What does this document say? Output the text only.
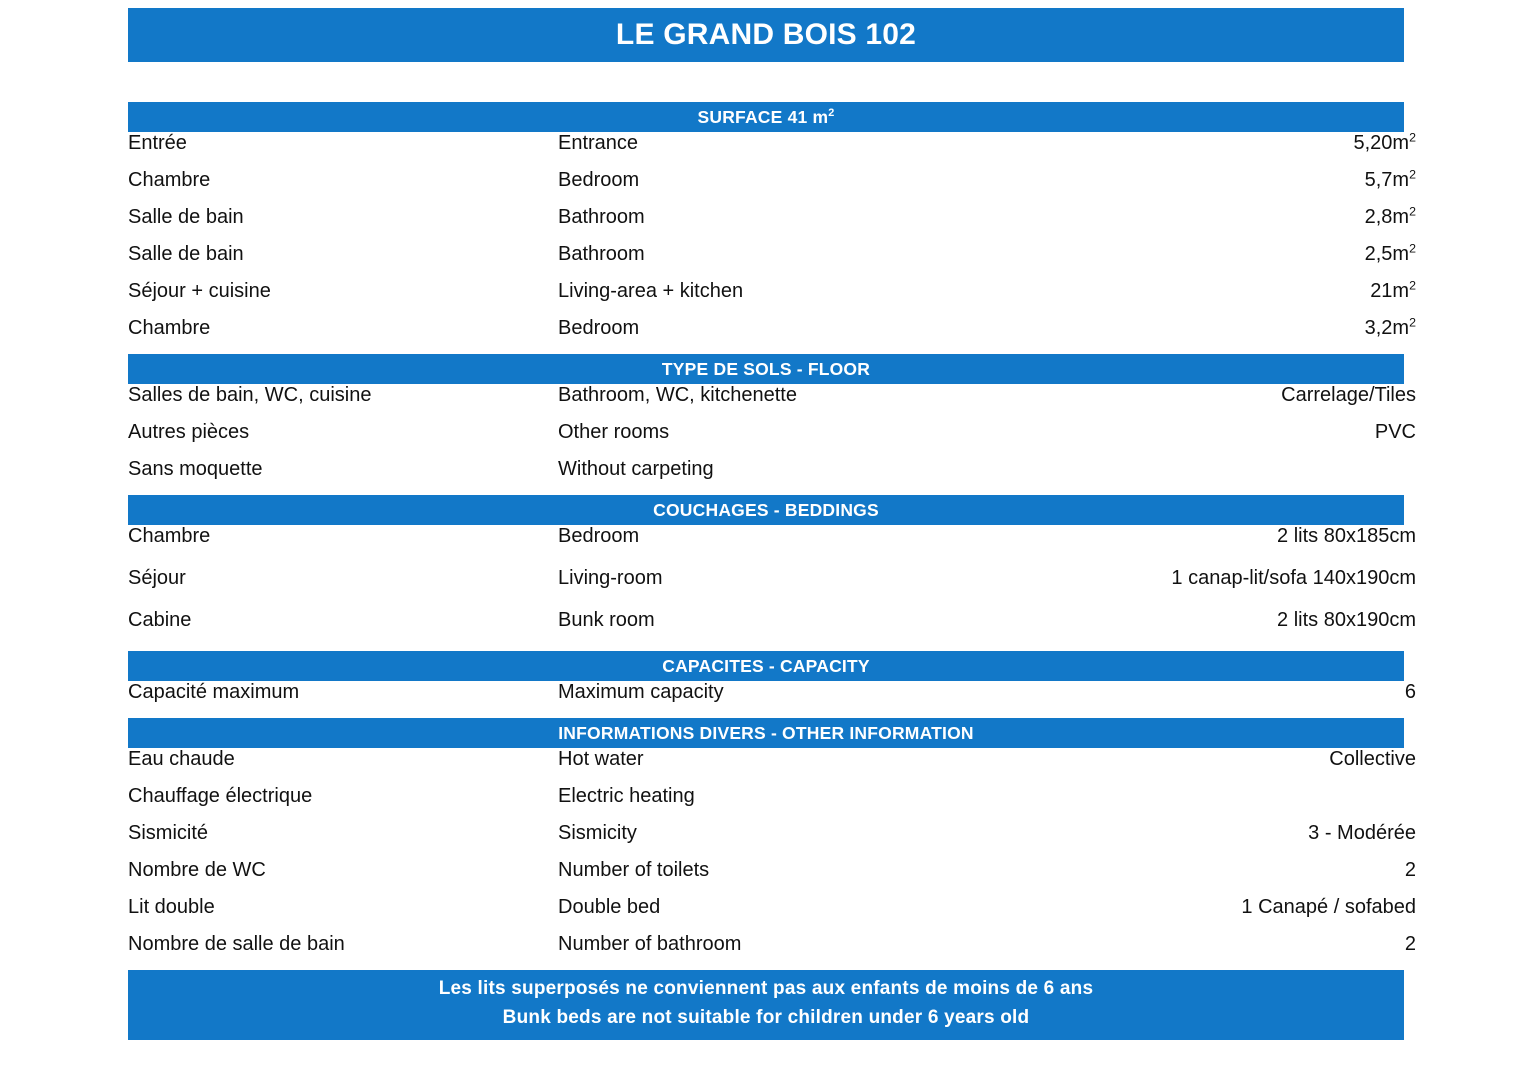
LE GRAND BOIS 102
SURFACE 41 $m^2$
Entrée	Entrance	$5,20m^2$
Chambre	Bedroom	$5,7m^2$
Salle de bain	Bathroom	$2,8m^2$
Salle de bain	Bathroom	$2,5m^2$
Séjour + cuisine	Living-area + kitchen	$21m^2$
Chambre	Bedroom	$3,2m^2$
TYPE DE SOLS - FLOOR
Salles de bain, WC, cuisine	Bathroom, WC, kitchenette	Carrelage/Tiles
Autres pièces	Other rooms	PVC
Sans moquette	Without carpeting
COUCHAGES - BEDDINGS
Chambre	Bedroom	2 lits 80x185cm
Séjour	Living-room	1 canap-lit/sofa 140x190cm
Cabine	Bunk room	2 lits 80x190cm
CAPACITES - CAPACITY
Capacité maximum	Maximum capacity	6
INFORMATIONS DIVERS - OTHER INFORMATION
Eau chaude	Hot water	Collective
Chauffage électrique	Electric heating
Sismicité	Sismicity	3 - Modérée
Nombre de WC	Number of toilets	2
Lit double	Double bed	1 Canapé / sofabed
Nombre de salle de bain	Number of bathroom	2
Les lits superposés ne conviennent pas aux enfants de moins de 6 ans
Bunk beds are not suitable for children under 6 years old
